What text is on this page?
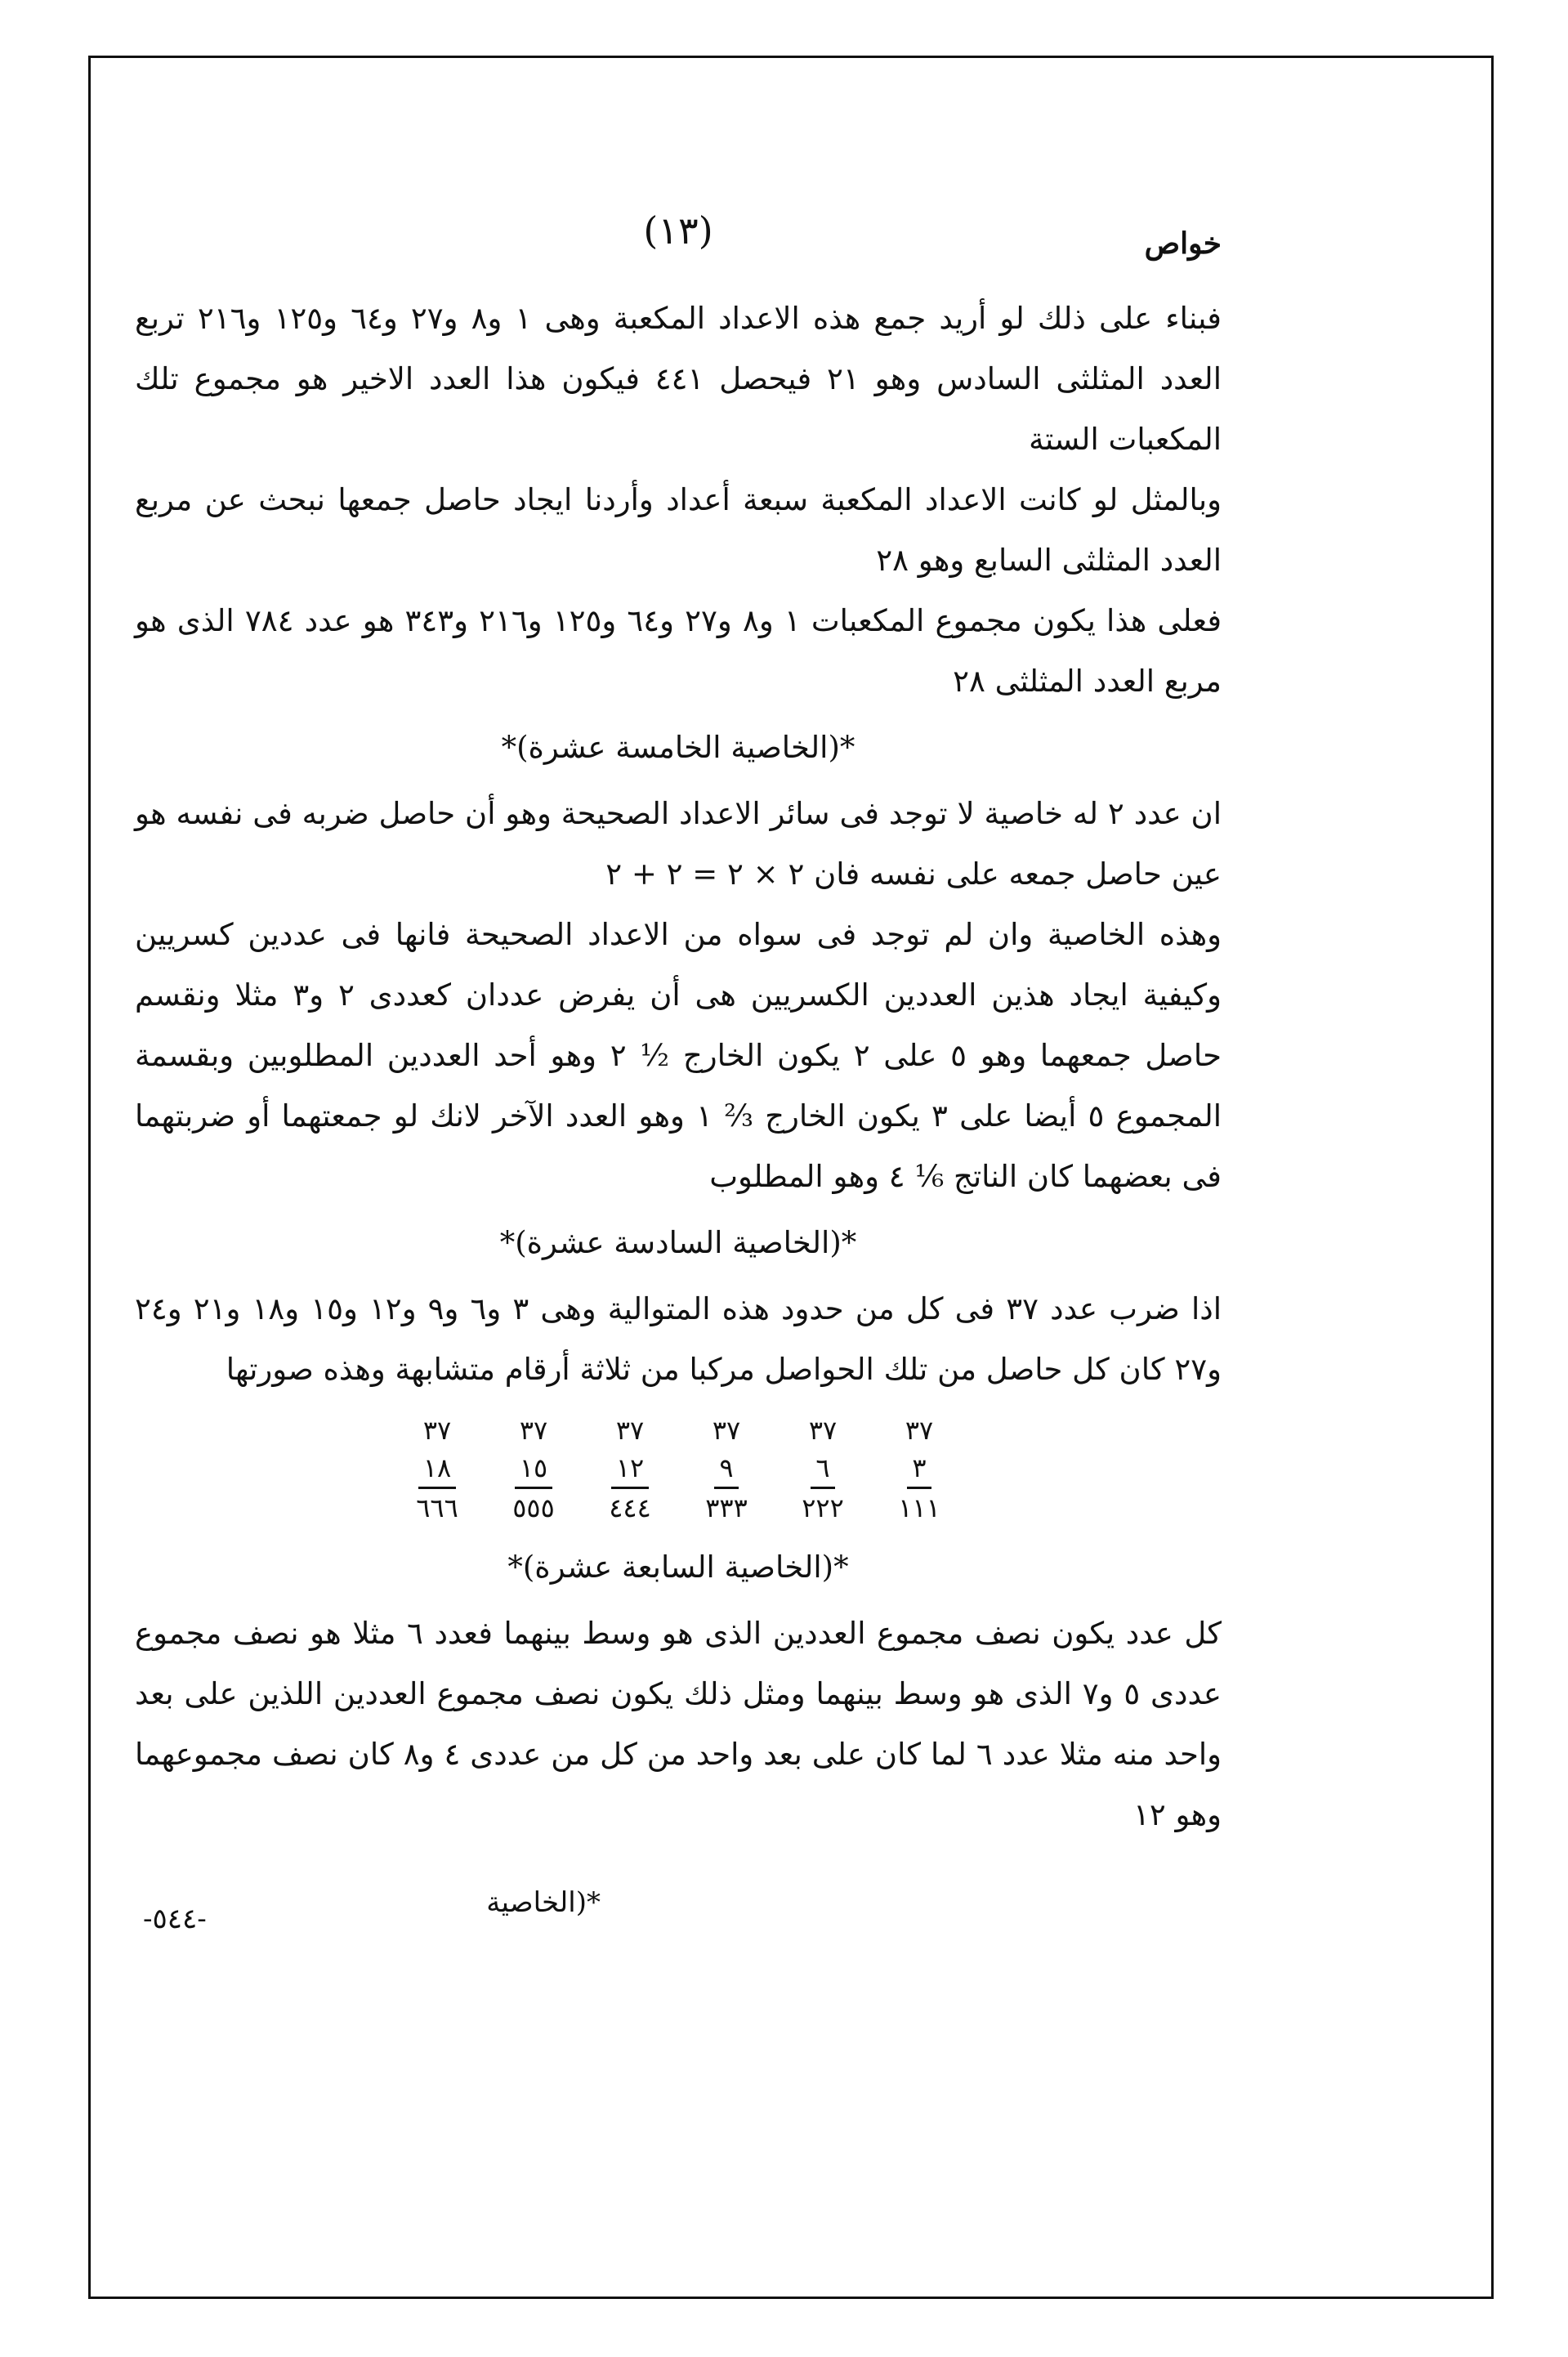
خواص
(١٣)

فبناء على ذلك لو أريد جمع هذه الاعداد المكعبة وهى ١ و٨ و٢٧ و٦٤ و١٢٥ و٢١٦ تربع العدد المثلثى السادس وهو ٢١ فيحصل ٤٤١ فيكون هذا العدد الاخير هو مجموع تلك المكعبات الستة

وبالمثل لو كانت الاعداد المكعبة سبعة أعداد وأردنا ايجاد حاصل جمعها نبحث عن مربع العدد المثلثى السابع وهو ٢٨

فعلى هذا يكون مجموع المكعبات ١ و٨ و٢٧ و٦٤ و١٢٥ و٢١٦ و٣٤٣ هو عدد ٧٨٤ الذى هو مربع العدد المثلثى ٢٨

*(الخاصية الخامسة عشرة)*

ان عدد ٢ له خاصية لا توجد فى سائر الاعداد الصحيحة وهو أن حاصل ضربه فى نفسه هو عين حاصل جمعه على نفسه فان ٢ × ٢ = ٢ + ٢

وهذه الخاصية وان لم توجد فى سواه من الاعداد الصحيحة فانها فى عددين كسريين وكيفية ايجاد هذين العددين الكسريين هى أن يفرض عددان كعددى ٢ و٣ مثلا ونقسم حاصل جمعهما وهو ٥ على ٢ يكون الخارج ½ ٢ وهو أحد العددين المطلوبين وبقسمة المجموع ٥ أيضا على ٣ يكون الخارج ⅔ ١ وهو العدد الآخر لانك لو جمعتهما أو ضربتهما فى بعضهما كان الناتج ⅙ ٤ وهو المطلوب

*(الخاصية السادسة عشرة)*

اذا ضرب عدد ٣٧ فى كل من حدود هذه المتوالية وهى ٣ و٦ و٩ و١٢ و١٥ و١٨ و٢١ و٢٤ و٢٧ كان كل حاصل من تلك الحواصل مركبا من ثلاثة أرقام متشابهة وهذه صورتها

٣٧
٣
١١١
٣٧
٦
٢٢٢
٣٧
٩
٣٣٣
٣٧
١٢
٤٤٤
٣٧
١٥
٥٥٥
٣٧
١٨
٦٦٦
*(الخاصية السابعة عشرة)*

كل عدد يكون نصف مجموع العددين الذى هو وسط بينهما فعدد ٦ مثلا هو نصف مجموع عددى ٥ و٧ الذى هو وسط بينهما ومثل ذلك يكون نصف مجموع العددين اللذين على بعد واحد منه مثلا عدد ٦ لما كان على بعد واحد من كل من عددى ٤ و٨ كان نصف مجموعهما وهو ١٢

*(الخاصية
-٥٤٤-
